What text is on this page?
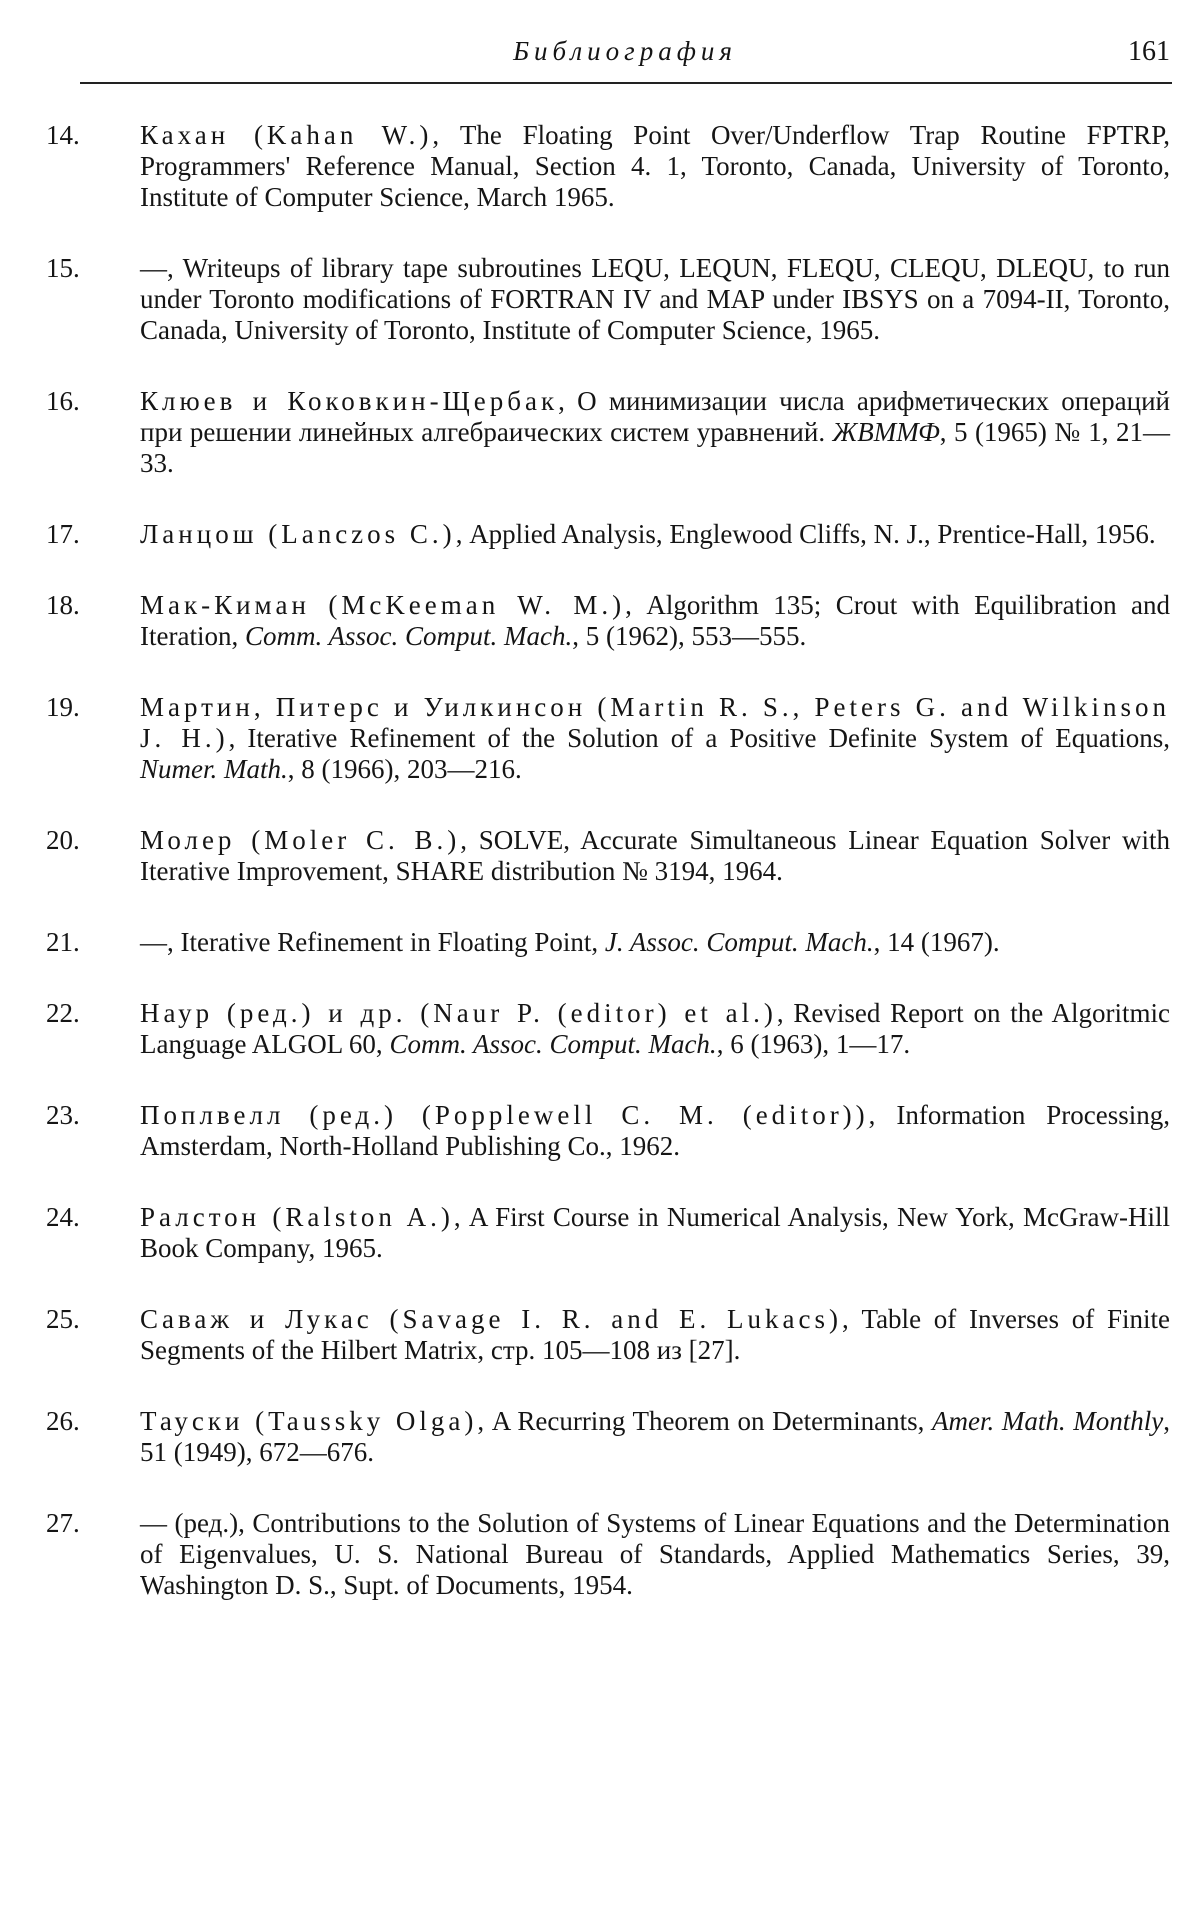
Библиография	161
14. Кахан (Kahan W.), The Floating Point Over/Underflow Trap Routine FPTRP, Programmers' Reference Manual, Section 4. 1, Toronto, Canada, University of Toronto, Institute of Computer Science, March 1965.
15. —, Writeups of library tape subroutines LEQU, LEQUN, FLEQU, CLEQU, DLEQU, to run under Toronto modifications of FORTRAN IV and MAP under IBSYS on a 7094-II, Toronto, Canada, University of Toronto, Institute of Computer Science, 1965.
16. Клюев и Коковкин-Щербак, О минимизации числа арифметических операций при решении линейных алгебраических систем уравнений. ЖВММФ, 5 (1965) № 1, 21—33.
17. Ланцош (Lanczos C.), Applied Analysis, Englewood Cliffs, N. J., Prentice-Hall, 1956.
18. Мак-Киман (McKeeman W. M.), Algorithm 135; Crout with Equilibration and Iteration, Comm. Assoc. Comput. Mach., 5 (1962), 553—555.
19. Мартин, Питерс и Уилкинсон (Martin R. S., Peters G. and Wilkinson J. H.), Iterative Refinement of the Solution of a Positive Definite System of Equations, Numer. Math., 8 (1966), 203—216.
20. Молер (Moler C. B.), SOLVE, Accurate Simultaneous Linear Equation Solver with Iterative Improvement, SHARE distribution № 3194, 1964.
21. —, Iterative Refinement in Floating Point, J. Assoc. Comput. Mach., 14 (1967).
22. Наур (ред.) и др. (Naur P. (editor) et al.), Revised Report on the Algoritmic Language ALGOL 60, Comm. Assoc. Comput. Mach., 6 (1963), 1—17.
23. Поплвелл (ред.) (Popplewell C. M. (editor)), Information Processing, Amsterdam, North-Holland Publishing Co., 1962.
24. Ралстон (Ralston A.), A First Course in Numerical Analysis, New York, McGraw-Hill Book Company, 1965.
25. Саваж и Лукас (Savage I. R. and E. Lukacs), Table of Inverses of Finite Segments of the Hilbert Matrix, стр. 105—108 из [27].
26. Тауски (Taussky Olga), A Recurring Theorem on Determinants, Amer. Math. Monthly, 51 (1949), 672—676.
27. — (ред.), Contributions to the Solution of Systems of Linear Equations and the Determination of Eigenvalues, U. S. National Bureau of Standards, Applied Mathematics Series, 39, Washington D. S., Supt. of Documents, 1954.
